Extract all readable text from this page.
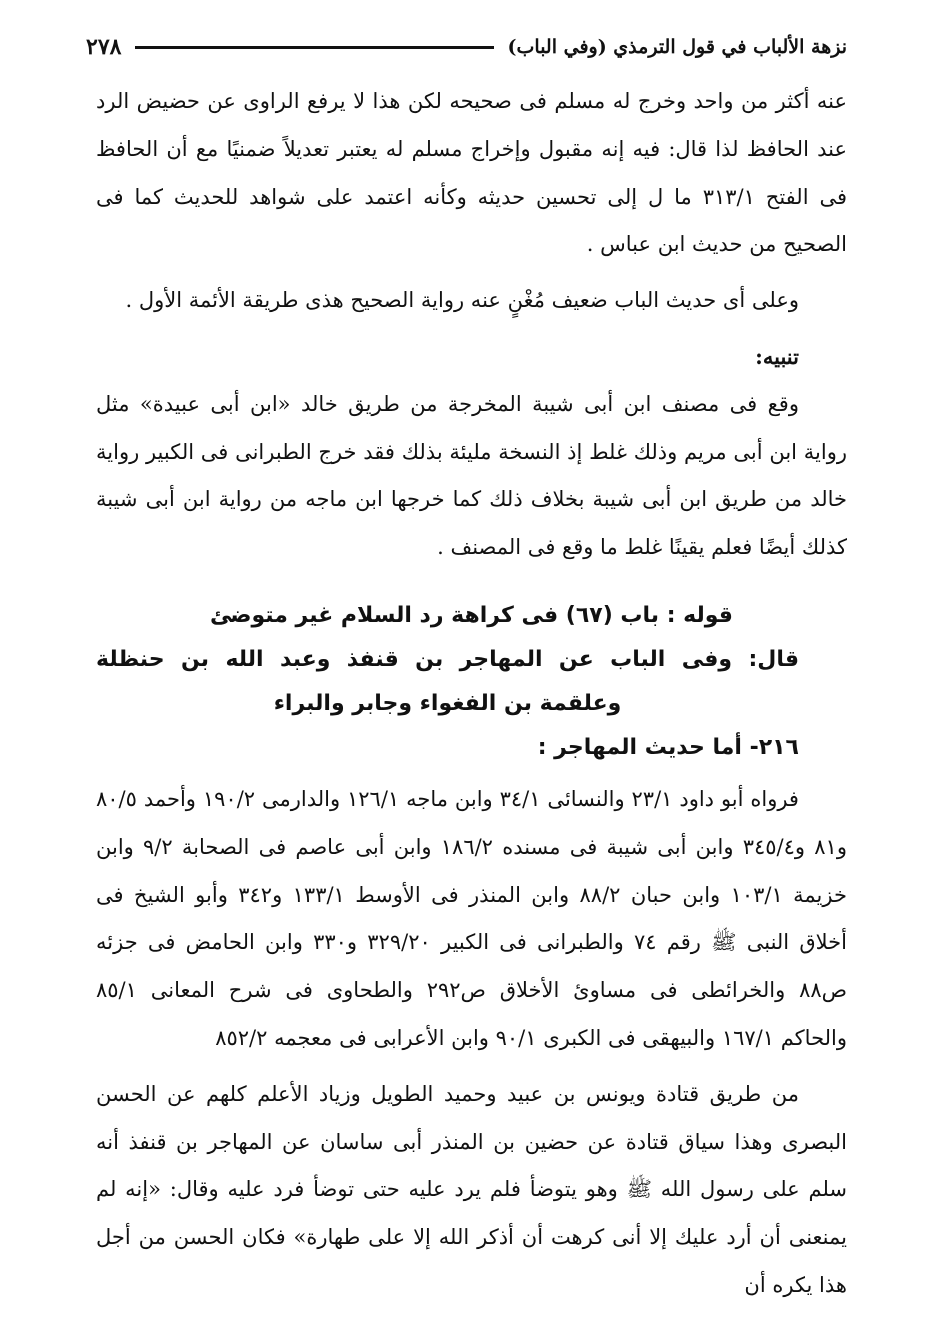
نزهة الألباب في قول الترمذي (وفي الباب)
٢٧٨

عنه أكثر من واحد وخرج له مسلم فى صحيحه لكن هذا لا يرفع الراوى عن حضيض الرد عند الحافظ لذا قال: فيه إنه مقبول وإخراج مسلم له يعتبر تعديلاً ضمنيًا مع أن الحافظ فى الفتح ٣١٣/١ ما ل إلى تحسين حديثه وكأنه اعتمد على شواهد للحديث كما فى الصحيح من حديث ابن عباس .

وعلى أى حديث الباب ضعيف مُغْنٍ عنه رواية الصحيح هذى طريقة الأئمة الأول .

تنبيه:

وقع فى مصنف ابن أبى شيبة المخرجة من طريق خالد «ابن أبى عبيدة» مثل رواية ابن أبى مريم وذلك غلط إذ النسخة مليئة بذلك فقد خرج الطبرانى فى الكبير رواية خالد من طريق ابن أبى شيبة بخلاف ذلك كما خرجها ابن ماجه من رواية ابن أبى شيبة كذلك أيضًا فعلم يقينًا غلط ما وقع فى المصنف .

قوله : باب (٦٧) فى كراهة رد السلام غير متوضئ

قال: وفى الباب عن المهاجر بن قنفذ وعبد الله بن حنظلة وعلقمة بن الفغواء وجابر والبراء

٢١٦- أما حديث المهاجر :

فرواه أبو داود ٢٣/١ والنسائى ٣٤/١ وابن ماجه ١٢٦/١ والدارمى ١٩٠/٢ وأحمد ٨٠/٥ و٨١ و٣٤٥/٤ وابن أبى شيبة فى مسنده ١٨٦/٢ وابن أبى عاصم فى الصحابة ٩/٢ وابن خزيمة ١٠٣/١ وابن حبان ٨٨/٢ وابن المنذر فى الأوسط ١٣٣/١ و٣٤٢ وأبو الشيخ فى أخلاق النبى ﷺ رقم ٧٤ والطبرانى فى الكبير ٣٢٩/٢٠ و٣٣٠ وابن الحامض فى جزئه ص٨٨ والخرائطى فى مساوئ الأخلاق ص٢٩٢ والطحاوى فى شرح المعانى ٨٥/١ والحاكم ١٦٧/١ والبيهقى فى الكبرى ٩٠/١ وابن الأعرابى فى معجمه ٨٥٢/٢

من طريق قتادة ويونس بن عبيد وحميد الطويل وزياد الأعلم كلهم عن الحسن البصرى وهذا سياق قتادة عن حضين بن المنذر أبى ساسان عن المهاجر بن قنفذ أنه سلم على رسول الله ﷺ وهو يتوضأ فلم يرد عليه حتى توضأ فرد عليه وقال: «إنه لم يمنعنى أن أرد عليك إلا أنى كرهت أن أذكر الله إلا على طهارة» فكان الحسن من أجل هذا يكره أن
